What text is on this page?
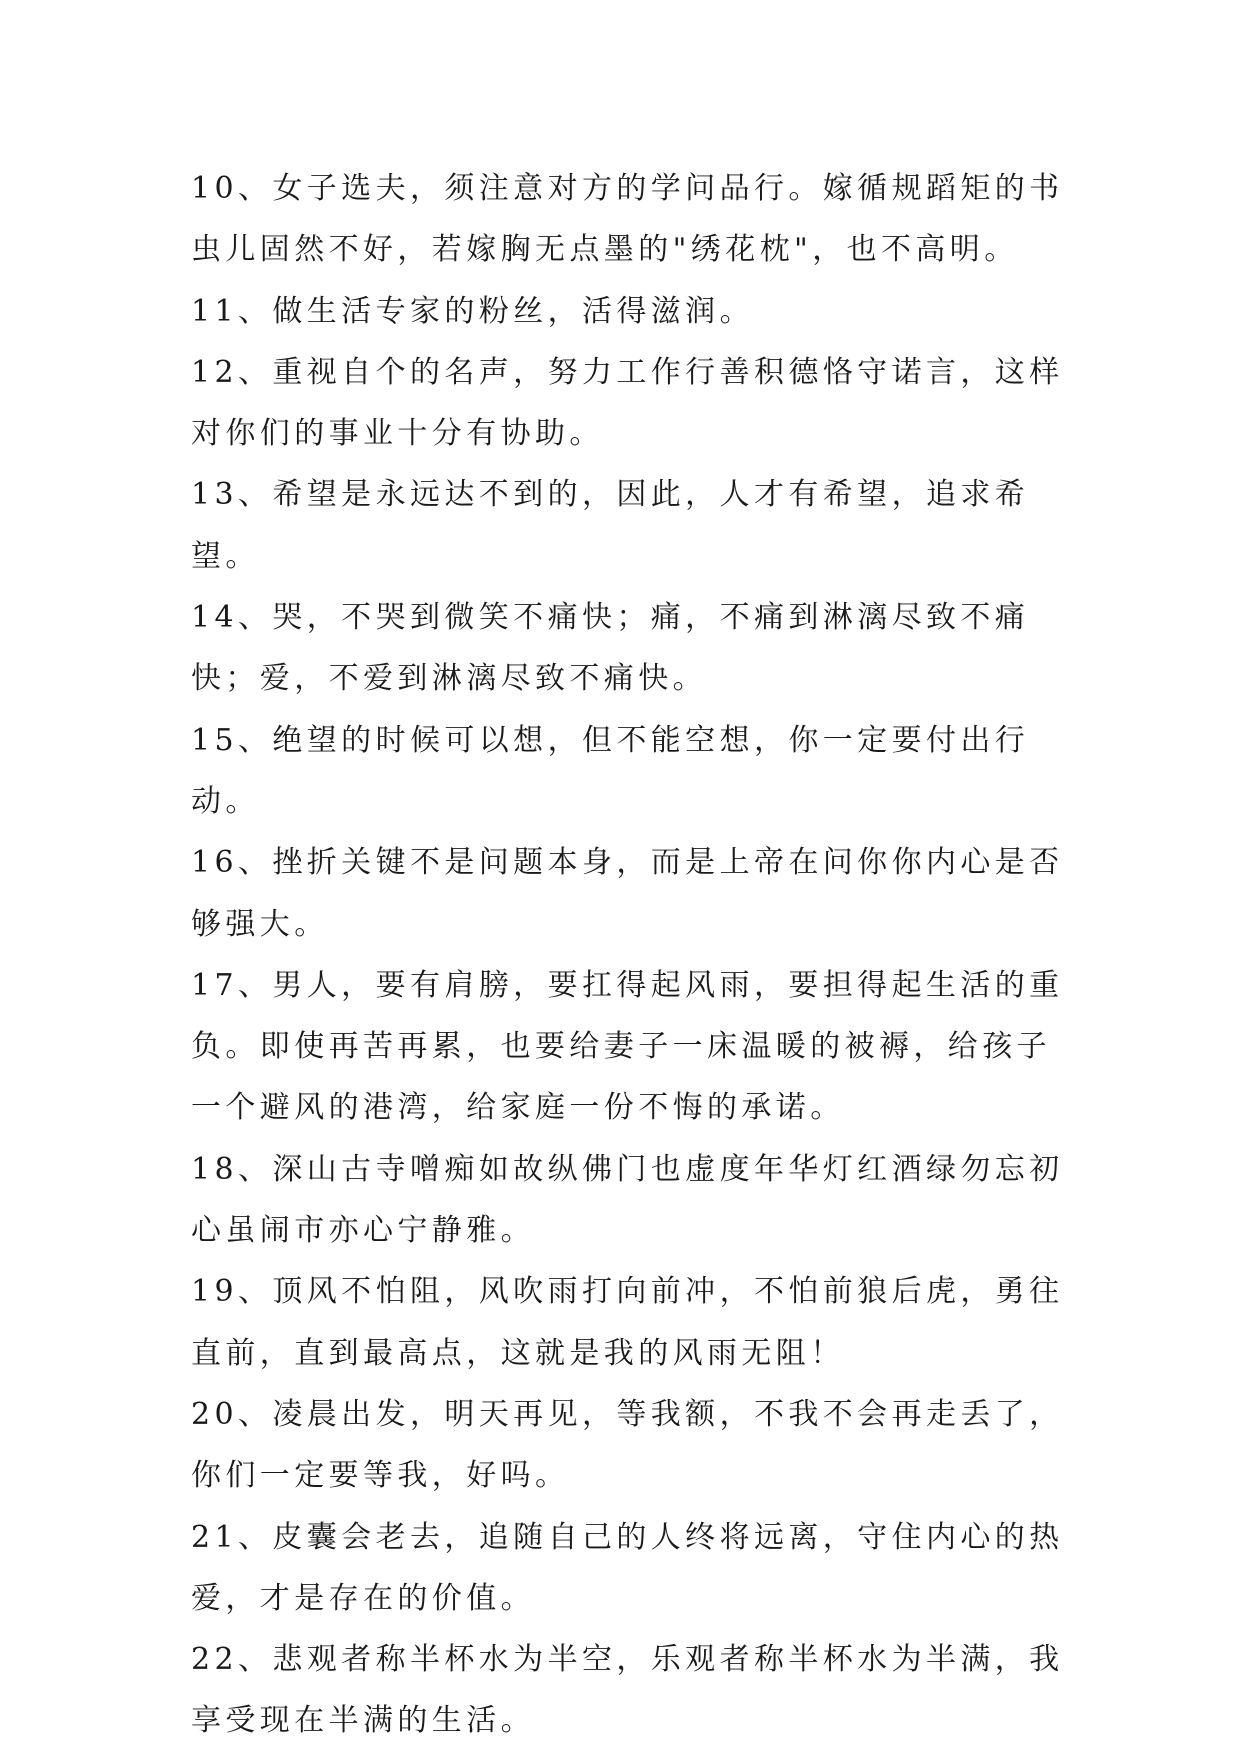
10、女子选夫，须注意对方的学问品行。嫁循规蹈矩的书虫儿固然不好，若嫁胸无点墨的"绣花枕"，也不高明。

11、做生活专家的粉丝，活得滋润。

12、重视自个的名声，努力工作行善积德恪守诺言，这样对你们的事业十分有协助。

13、希望是永远达不到的，因此，人才有希望，追求希望。

14、哭，不哭到微笑不痛快；痛，不痛到淋漓尽致不痛快；爱，不爱到淋漓尽致不痛快。

15、绝望的时候可以想，但不能空想，你一定要付出行动。

16、挫折关键不是问题本身，而是上帝在问你你内心是否够强大。

17、男人，要有肩膀，要扛得起风雨，要担得起生活的重负。即使再苦再累，也要给妻子一床温暖的被褥，给孩子一个避风的港湾，给家庭一份不悔的承诺。

18、深山古寺噌痴如故纵佛门也虚度年华灯红酒绿勿忘初心虽闹市亦心宁静雅。

19、顶风不怕阻，风吹雨打向前冲，不怕前狼后虎，勇往直前，直到最高点，这就是我的风雨无阻！

20、凌晨出发，明天再见，等我额，不我不会再走丢了，你们一定要等我，好吗。

21、皮囊会老去，追随自己的人终将远离，守住内心的热爱，才是存在的价值。

22、悲观者称半杯水为半空，乐观者称半杯水为半满，我享受现在半满的生活。
